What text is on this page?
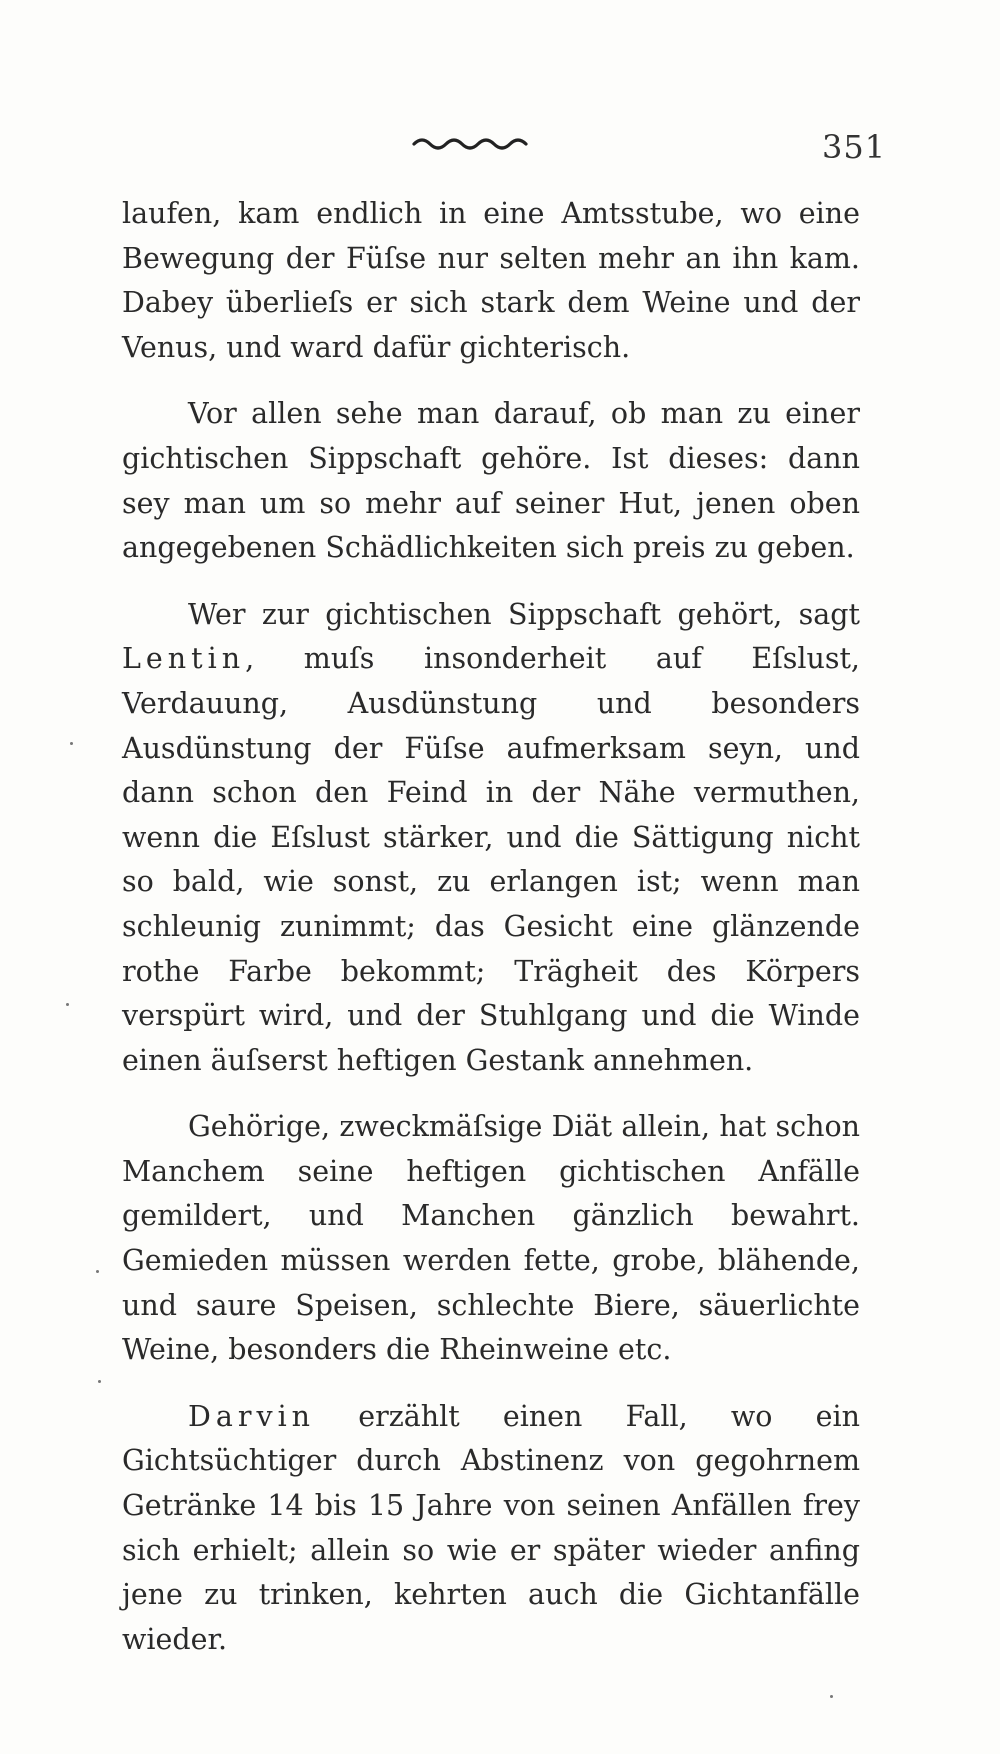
351

laufen, kam endlich in eine Amtsstube, wo eine Bewegung der Füſse nur selten mehr an ihn kam. Dabey überlieſs er sich stark dem Weine und der Venus, und ward dafür gichterisch.

Vor allen sehe man darauf, ob man zu einer gichtischen Sippschaft gehöre. Ist dieses: dann sey man um so mehr auf seiner Hut, jenen oben angegebenen Schädlichkeiten sich preis zu geben.

Wer zur gichtischen Sippschaft gehört, sagt Lentin, muſs insonderheit auf Eſslust, Verdauung, Ausdünstung und besonders Ausdünstung der Füſse aufmerksam seyn, und dann schon den Feind in der Nähe vermuthen, wenn die Eſslust stärker, und die Sättigung nicht so bald, wie sonst, zu erlangen ist; wenn man schleunig zunimmt; das Gesicht eine glänzende rothe Farbe bekommt; Trägheit des Körpers verspürt wird, und der Stuhlgang und die Winde einen äuſserst heftigen Gestank annehmen.

Gehörige, zweckmäſsige Diät allein, hat schon Manchem seine heftigen gichtischen Anfälle gemildert, und Manchen gänzlich bewahrt. Gemieden müssen werden fette, grobe, blähende, und saure Speisen, schlechte Biere, säuerlichte Weine, besonders die Rheinweine etc.

Darvin erzählt einen Fall, wo ein Gichtsüchtiger durch Abstinenz von gegohrnem Getränke 14 bis 15 Jahre von seinen Anfällen frey sich erhielt; allein so wie er später wieder anfing jene zu trinken, kehrten auch die Gichtanfälle wieder.
